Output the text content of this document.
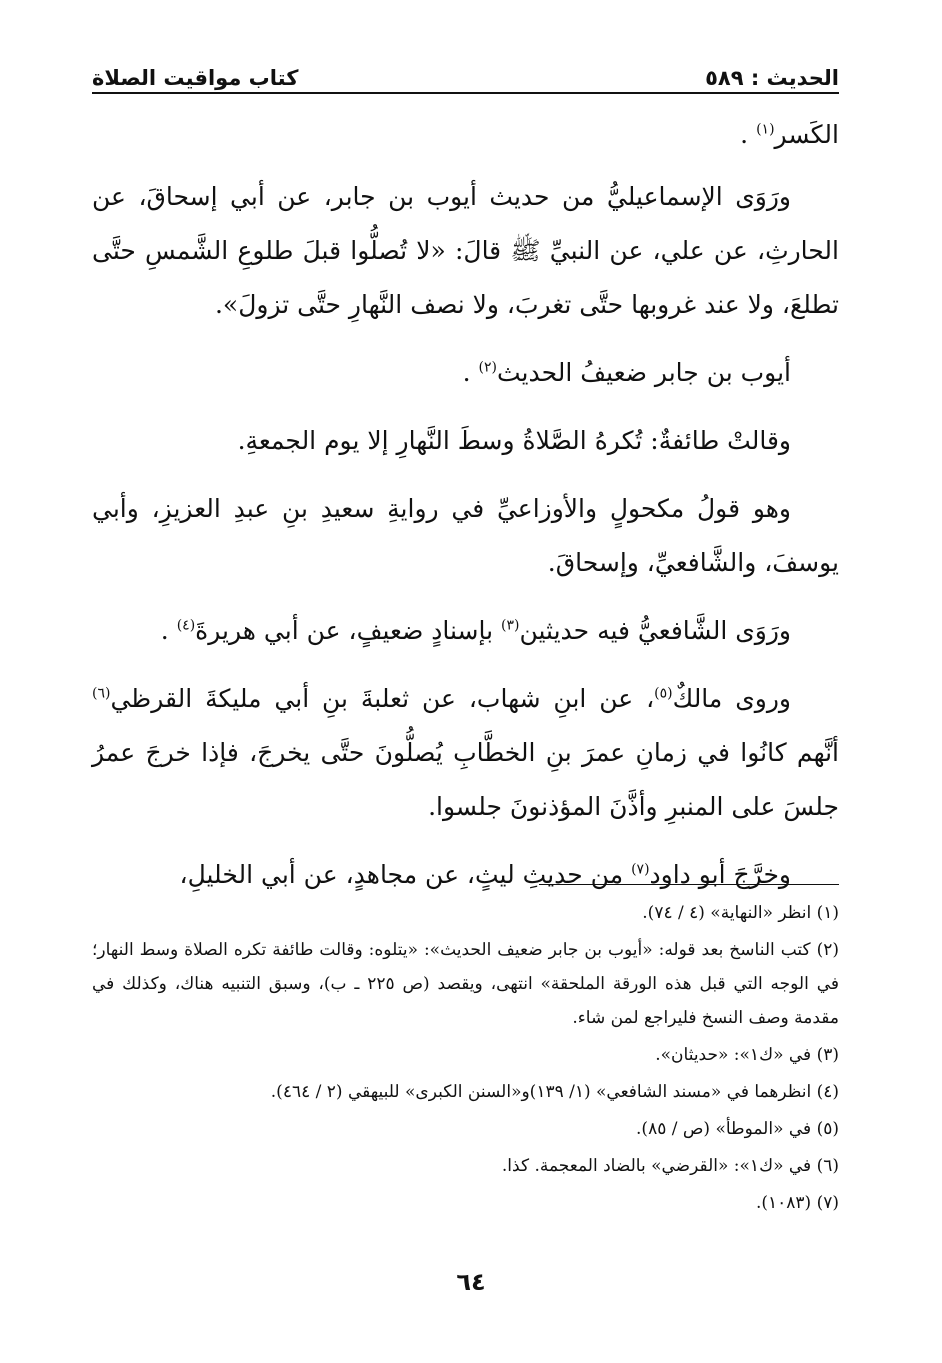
الحديث : ٥٨٩
كتاب مواقيت الصلاة

الكَسر$^{(١)}$ .

ورَوَى الإسماعيليُّ من حديث أيوب بن جابر، عن أبي إسحاقَ، عن الحارثِ، عن علي، عن النبيِّ ﷺ قالَ: «لا تُصلُّوا قبلَ طلوعِ الشَّمسِ حتَّى تطلعَ، ولا عند غروبها حتَّى تغربَ، ولا نصف النَّهارِ حتَّى تزولَ».

أيوب بن جابر ضعيفُ الحديث$^{(٢)}$ .

وقالتْ طائفةٌ: تُكرهُ الصَّلاةُ وسطَ النَّهارِ إلا يوم الجمعةِ.

وهو قولُ مكحولٍ والأوزاعيِّ في روايةِ سعيدِ بنِ عبدِ العزيزِ، وأبي يوسفَ، والشَّافعيِّ، وإسحاقَ.

ورَوَى الشَّافعيُّ فيه حديثين$^{(٣)}$ بإسنادٍ ضعيفٍ، عن أبي هريرةَ$^{(٤)}$ .

وروى مالكٌ$^{(٥)}$، عن ابنِ شهاب، عن ثعلبةَ بنِ أبي مليكةَ القرظي$^{(٦)}$ أنَّهم كانُوا في زمانِ عمرَ بنِ الخطَّابِ يُصلُّونَ حتَّى يخرجَ، فإذا خرجَ عمرُ جلسَ على المنبرِ وأذَّنَ المؤذنونَ جلسوا.

وخرَّجَ أبو داود$^{(٧)}$ من حديثِ ليثٍ، عن مجاهدٍ، عن أبي الخليلِ،

(١) انظر «النهاية» (٤ / ٧٤).

(٢) كتب الناسخ بعد قوله: «أيوب بن جابر ضعيف الحديث»: «يتلوه: وقالت طائفة تكره الصلاة وسط النهار؛ في الوجه التي قبل هذه الورقة الملحقة» انتهى، ويقصد (ص ٢٢٥ ـ ب)، وسبق التنبيه هناك، وكذلك في مقدمة وصف النسخ فليراجع لمن شاء.

(٣) في «ك١»: «حديثان».

(٤) انظرهما في «مسند الشافعي» (١/ ١٣٩)و«السنن الكبرى» للبيهقي (٢ / ٤٦٤).

(٥) في «الموطأ» (ص / ٨٥).

(٦) في «ك١»: «القرضي» بالضاد المعجمة. كذا.

(٧) (١٠٨٣).

٦٤
